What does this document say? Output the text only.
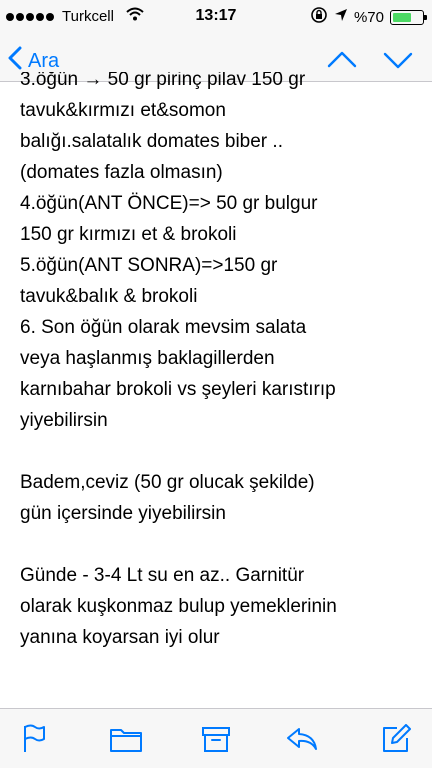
Turkcell	13:17	%70
Ara
3.öğün → 50 gr pirinç pilav 150 gr
tavuk&kırmızı et&somon
balığı.salatalık domates biber ..
(domates fazla olmasın)
4.öğün(ANT ÖNCE)=> 50 gr bulgur
150 gr kırmızı et & brokoli
5.öğün(ANT SONRA)=>150 gr
tavuk&balık & brokoli
6. Son öğün olarak mevsim salata
veya haşlanmış baklagillerden
karnıbahar brokoli vs şeyleri karıstırıp
yiyebilirsin
Badem,ceviz (50 gr olucak şekilde)
gün içersinde yiyebilirsin
Günde - 3-4 Lt su en az.. Garnitür
olarak kuşkonmaz bulup yemeklerinin
yanına koyarsan iyi olur
